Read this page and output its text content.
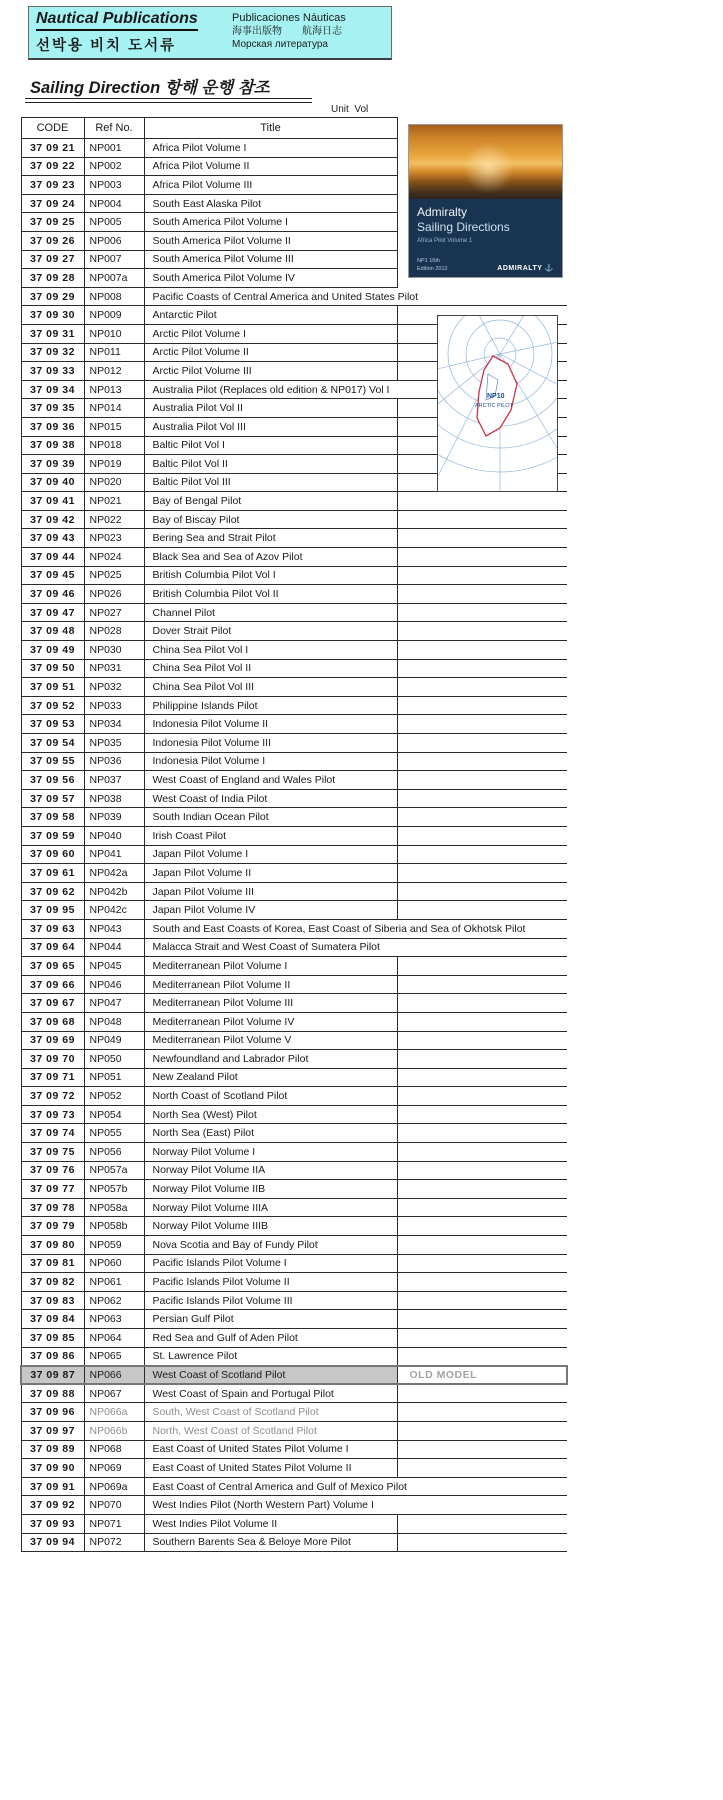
Nautical Publications
선박용 비치 도서류
Publicaciones Náuticas
海事出版物　　航海日志
Морская литература
Sailing Direction 항해 운행 참조
Unit  Vol
CODE	Ref No.	Title	
37 09 21	NP001	Africa Pilot Volume I	
37 09 22	NP002	Africa Pilot Volume II	
37 09 23	NP003	Africa Pilot Volume III	
37 09 24	NP004	South East Alaska Pilot	
37 09 25	NP005	South America Pilot Volume I	
37 09 26	NP006	South America Pilot Volume II	
37 09 27	NP007	South America Pilot Volume III	
37 09 28	NP007a	South America Pilot Volume IV	
37 09 29	NP008	Pacific Coasts of Central America and United States Pilot	
37 09 30	NP009	Antarctic Pilot	
37 09 31	NP010	Arctic Pilot Volume I	
37 09 32	NP011	Arctic Pilot Volume II	
37 09 33	NP012	Arctic Pilot Volume III	
37 09 34	NP013	Australia Pilot (Replaces old edition & NP017) Vol I	
37 09 35	NP014	Australia Pilot Vol II	
37 09 36	NP015	Australia Pilot Vol III	
37 09 38	NP018	Baltic Pilot Vol I	
37 09 39	NP019	Baltic Pilot Vol II	
37 09 40	NP020	Baltic Pilot Vol III	
37 09 41	NP021	Bay of Bengal Pilot	
37 09 42	NP022	Bay of Biscay Pilot	
37 09 43	NP023	Bering Sea and Strait Pilot	
37 09 44	NP024	Black Sea and Sea of Azov Pilot	
37 09 45	NP025	British Columbia Pilot Vol I	
37 09 46	NP026	British Columbia Pilot Vol II	
37 09 47	NP027	Channel Pilot	
37 09 48	NP028	Dover Strait Pilot	
37 09 49	NP030	China Sea Pilot Vol I	
37 09 50	NP031	China Sea Pilot Vol II	
37 09 51	NP032	China Sea Pilot Vol III	
37 09 52	NP033	Philippine Islands Pilot	
37 09 53	NP034	Indonesia Pilot Volume II	
37 09 54	NP035	Indonesia Pilot Volume III	
37 09 55	NP036	Indonesia Pilot Volume I	
37 09 56	NP037	West Coast of England and Wales Pilot	
37 09 57	NP038	West Coast of India Pilot	
37 09 58	NP039	South Indian Ocean Pilot	
37 09 59	NP040	Irish Coast Pilot	
37 09 60	NP041	Japan Pilot Volume I	
37 09 61	NP042a	Japan Pilot Volume II	
37 09 62	NP042b	Japan Pilot Volume III	
37 09 95	NP042c	Japan Pilot Volume IV	
37 09 63	NP043	South and East Coasts of Korea, East Coast of Siberia and Sea of Okhotsk Pilot	
37 09 64	NP044	Malacca Strait and West Coast of Sumatera Pilot	
37 09 65	NP045	Mediterranean Pilot Volume I	
37 09 66	NP046	Mediterranean Pilot Volume II	
37 09 67	NP047	Mediterranean Pilot Volume III	
37 09 68	NP048	Mediterranean Pilot Volume IV	
37 09 69	NP049	Mediterranean Pilot Volume V	
37 09 70	NP050	Newfoundland and Labrador Pilot	
37 09 71	NP051	New Zealand Pilot	
37 09 72	NP052	North Coast of Scotland Pilot	
37 09 73	NP054	North Sea (West) Pilot	
37 09 74	NP055	North Sea (East) Pilot	
37 09 75	NP056	Norway Pilot Volume I	
37 09 76	NP057a	Norway Pilot Volume IIA	
37 09 77	NP057b	Norway Pilot Volume IIB	
37 09 78	NP058a	Norway Pilot Volume IIIA	
37 09 79	NP058b	Norway Pilot Volume IIIB	
37 09 80	NP059	Nova Scotia and Bay of Fundy Pilot	
37 09 81	NP060	Pacific Islands Pilot Volume I	
37 09 82	NP061	Pacific Islands Pilot Volume II	
37 09 83	NP062	Pacific Islands Pilot Volume III	
37 09 84	NP063	Persian Gulf Pilot	
37 09 85	NP064	Red Sea and Gulf of Aden Pilot	
37 09 86	NP065	St. Lawrence Pilot	
37 09 87	NP066	West Coast of Scotland Pilot	OLD MODEL
37 09 88	NP067	West Coast of Spain and Portugal Pilot	
37 09 96	NP066a	South, West Coast of Scotland Pilot	
37 09 97	NP066b	North, West Coast of Scotland Pilot	
37 09 89	NP068	East Coast of United States Pilot Volume I	
37 09 90	NP069	East Coast of United States Pilot Volume II	
37 09 91	NP069a	East Coast of Central America and Gulf of Mexico Pilot	
37 09 92	NP070	West Indies Pilot (North Western Part) Volume I	
37 09 93	NP071	West Indies Pilot Volume II	
37 09 94	NP072	Southern Barents Sea & Beloye More Pilot	
Admiralty
Sailing Directions
Africa Pilot Volume 1
NP1 16th Edition 2012	ADMIRALTY ⚓
NP10
ARCTIC PILOT
